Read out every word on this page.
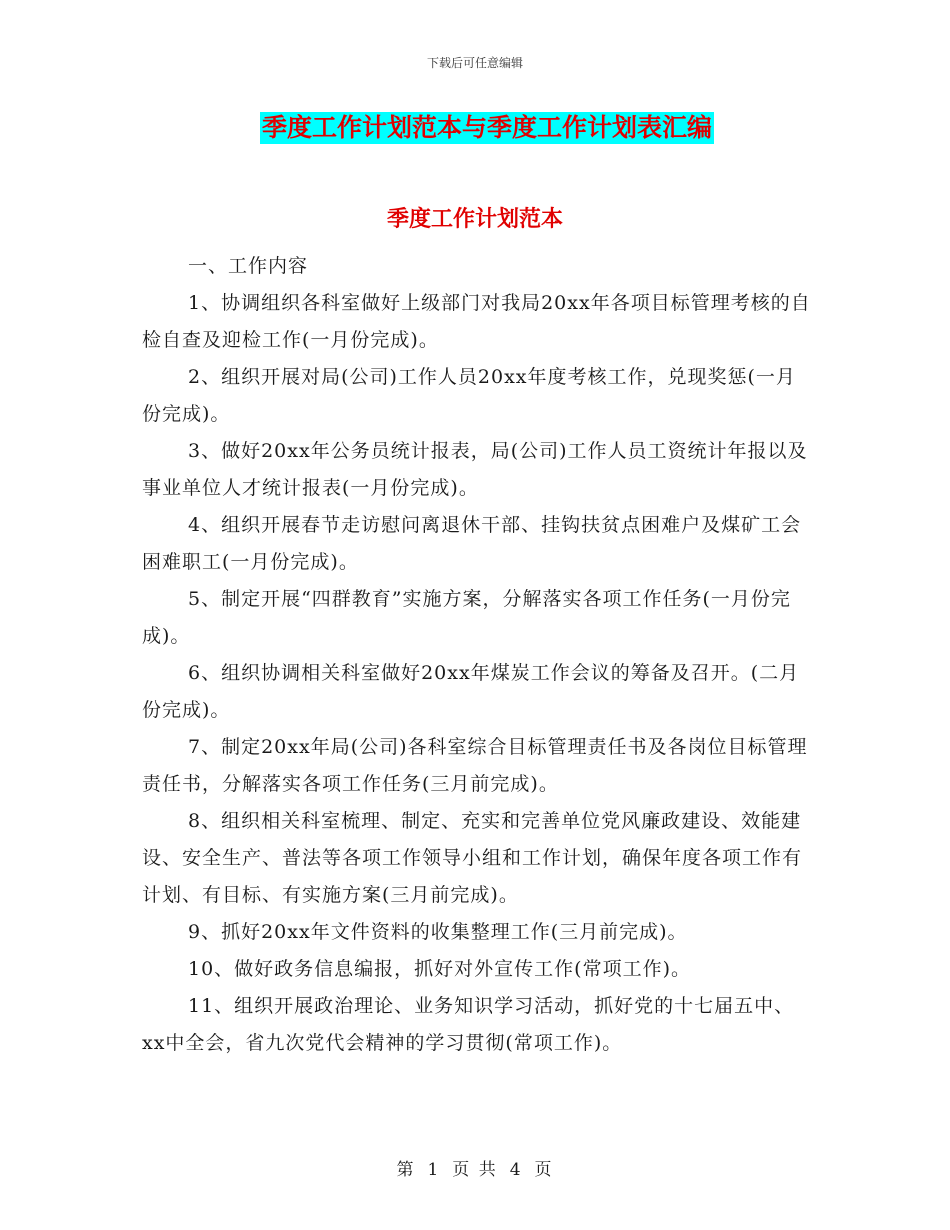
下载后可任意编辑
季度工作计划范本与季度工作计划表汇编
季度工作计划范本

一、工作内容

1、协调组织各科室做好上级部门对我局20xx年各项目标管理考核的自检自查及迎检工作(一月份完成)。

2、组织开展对局(公司)工作人员20xx年度考核工作，兑现奖惩(一月份完成)。

3、做好20xx年公务员统计报表，局(公司)工作人员工资统计年报以及事业单位人才统计报表(一月份完成)。

4、组织开展春节走访慰问离退休干部、挂钩扶贫点困难户及煤矿工会困难职工(一月份完成)。

5、制定开展“四群教育”实施方案，分解落实各项工作任务(一月份完成)。

6、组织协调相关科室做好20xx年煤炭工作会议的筹备及召开。(二月份完成)。

7、制定20xx年局(公司)各科室综合目标管理责任书及各岗位目标管理责任书，分解落实各项工作任务(三月前完成)。

8、组织相关科室梳理、制定、充实和完善单位党风廉政建设、效能建设、安全生产、普法等各项工作领导小组和工作计划，确保年度各项工作有计划、有目标、有实施方案(三月前完成)。

9、抓好20xx年文件资料的收集整理工作(三月前完成)。

10、做好政务信息编报，抓好对外宣传工作(常项工作)。

11、组织开展政治理论、业务知识学习活动，抓好党的十七届五中、xx中全会，省九次党代会精神的学习贯彻(常项工作)。

第 1 页 共 4 页
